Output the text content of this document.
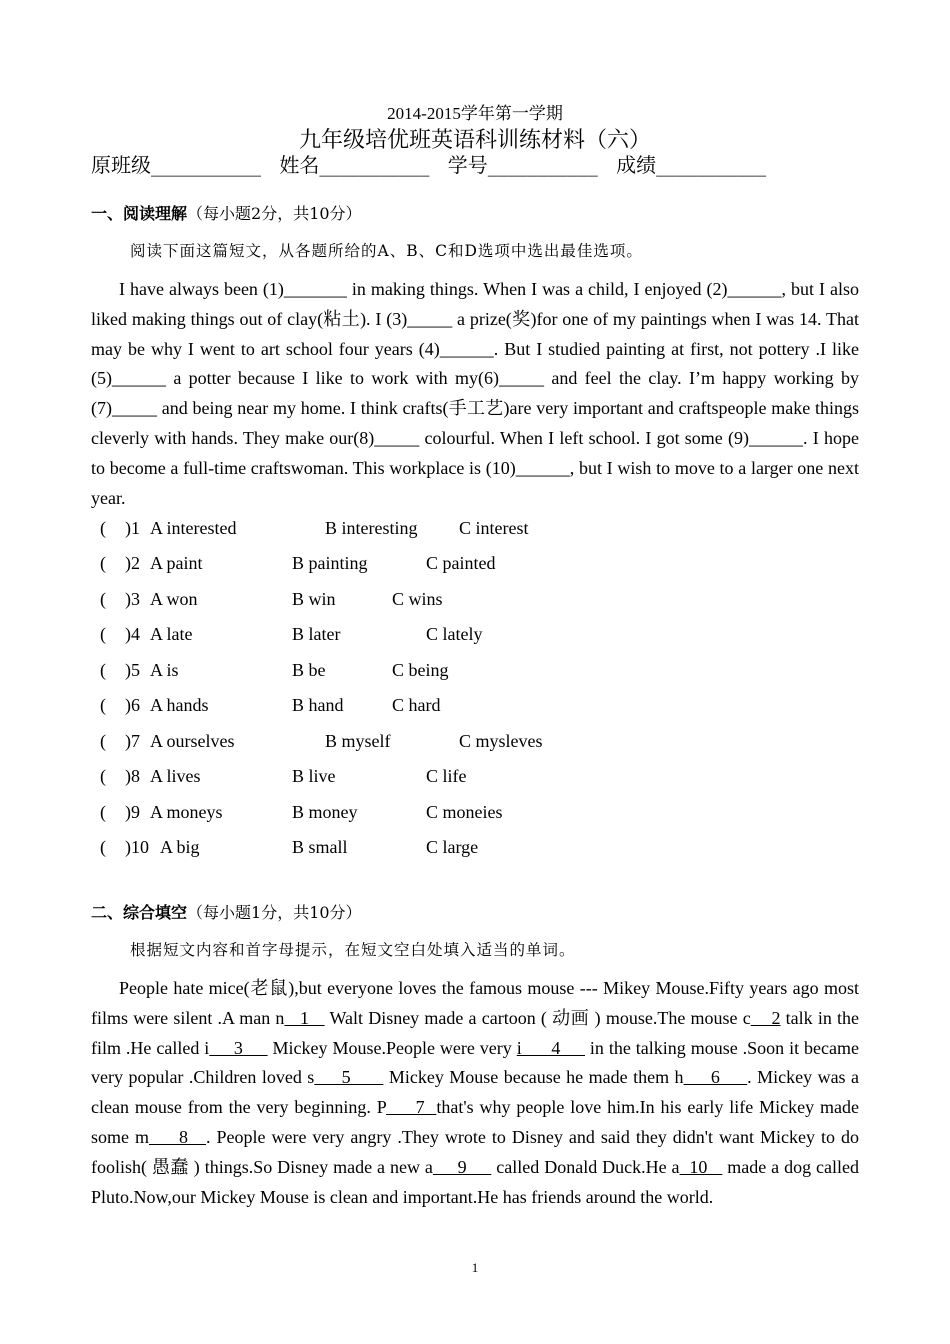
2014-2015学年第一学期
九年级培优班英语科训练材料（六）
原班级___________ 姓名___________ 学号___________ 成绩___________
一、阅读理解（每小题2分，共10分）
阅读下面这篇短文，从各题所给的A、B、C和D选项中选出最佳选项。
I have always been (1)_______ in making things. When I was a child, I enjoyed (2)______, but I also liked making things out of clay(粘土). I (3)_____ a prize(奖)for one of my paintings when I was 14. That may be why I went to art school four years (4)______. But I studied painting at first, not pottery .I like (5)______ a potter because I like to work with my(6)_____ and feel the clay. I’m happy working by (7)_____ and being near my home. I think crafts(手工艺)are very important and craftspeople make things cleverly with hands. They make our(8)_____ colourful. When I left school. I got some (9)______. I hope to become a full-time craftswoman. This workplace is (10)______, but I wish to move to a larger one next year.
( )1 A interested	B interesting C interest
( )2 A paint	B painting	C painted
( )3 A won	B win	C wins
( )4 A late	B later	C lately
( )5 A is	B be	C being
( )6 A hands	B hand	C hard
( )7 A ourselves	B myself	C mysleves
( )8 A lives	B live	C life
( )9 A moneys	B money	C moneies
( )10 A big	B small	C large
二、综合填空（每小题1分，共10分）
根据短文内容和首字母提示，在短文空白处填入适当的单词。
People hate mice(老鼠),but everyone loves the famous mouse --- Mikey Mouse.Fifty years ago most films were silent .A man n   1    Walt Disney made a cartoon ( 动画 ) mouse.The mouse c    2 talk in the film .He called i     3      Mickey Mouse.People were very i      4      in the talking mouse .Soon it became very popular .Children loved s     5       Mickey Mouse because he made them h     6     . Mickey was a clean mouse from the very beginning. P     7  that's why people love him.In his early life Mickey made some m     8   . People were very angry .They wrote to Disney and said they didn't want Mickey to do foolish( 愚蠢 ) things.So Disney made a new a     9      called Donald Duck.He a  10    made a dog called Pluto.Now,our Mickey Mouse is clean and important.He has friends around the world.
1
